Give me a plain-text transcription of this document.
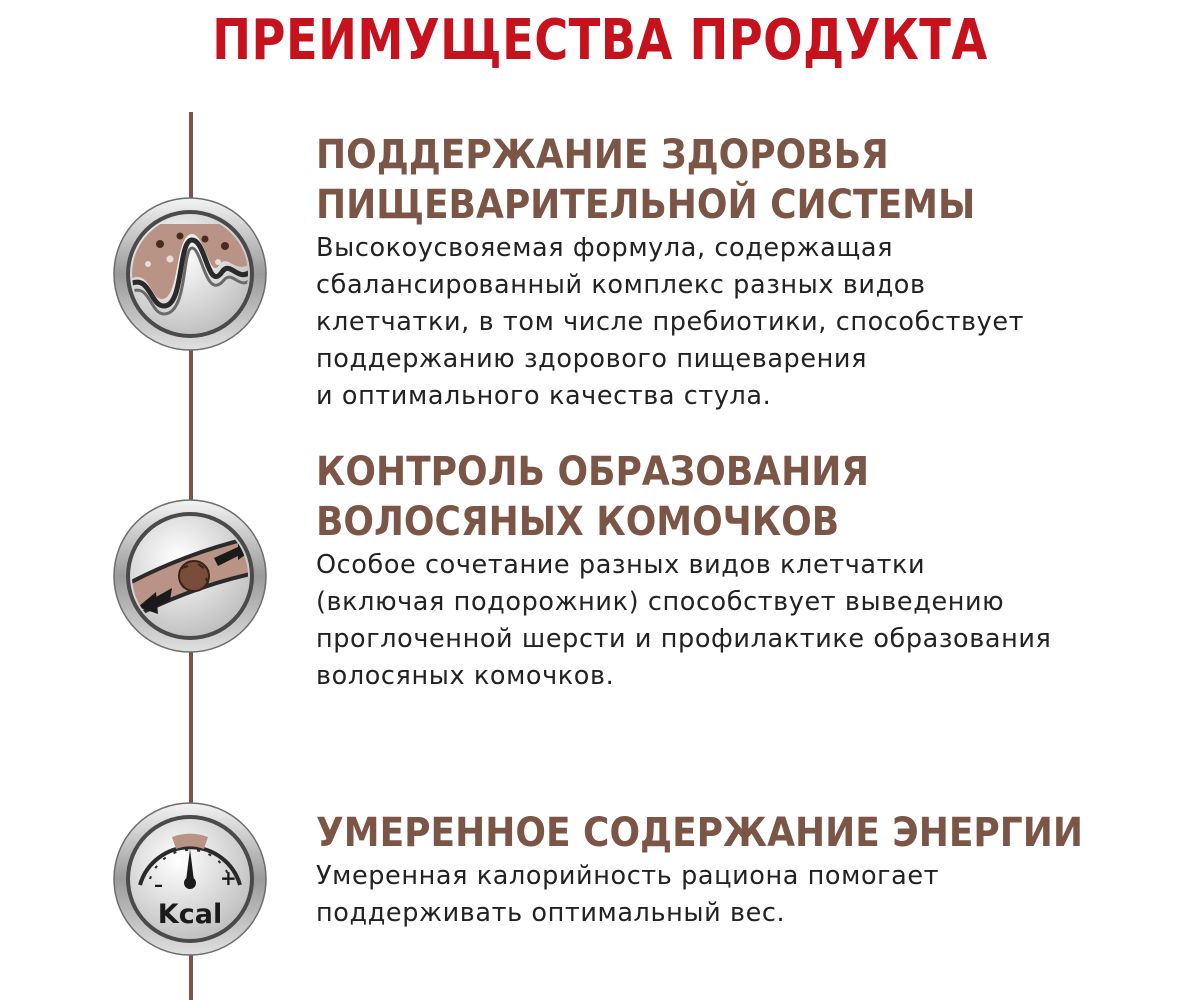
ПРЕИМУЩЕСТВА ПРОДУКТА
–	+
Kcal
ПОДДЕРЖАНИЕ ЗДОРОВЬЯ
ПИЩЕВАРИТЕЛЬНОЙ СИСТЕМЫ

Высокоусвояемая формула, содержащая
сбалансированный комплекс разных видов
клетчатки, в том числе пребиотики, способствует
поддержанию здорового пищеварения
и оптимального качества стула.

КОНТРОЛЬ ОБРАЗОВАНИЯ
ВОЛОСЯНЫХ КОМОЧКОВ

Особое сочетание разных видов клетчатки
(включая подорожник) способствует выведению
проглоченной шерсти и профилактике образования
волосяных комочков.

УМЕРЕННОЕ СОДЕРЖАНИЕ ЭНЕРГИИ

Умеренная калорийность рациона помогает
поддерживать оптимальный вес.
